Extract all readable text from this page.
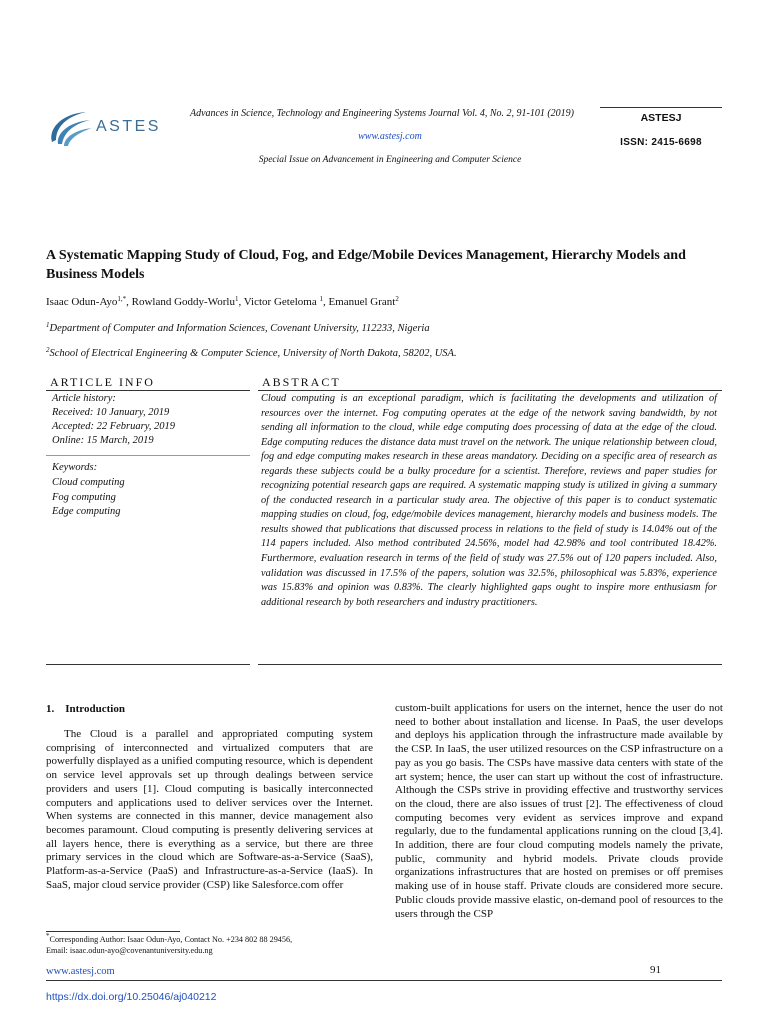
ASTES
Advances in Science, Technology and Engineering Systems Journal Vol. 4, No. 2, 91-101 (2019)
www.astesj.com
Special Issue on Advancement in Engineering and Computer Science
ASTESJ
ISSN: 2415-6698
A Systematic Mapping Study of Cloud, Fog, and Edge/Mobile Devices Management, Hierarchy Models and Business Models
Isaac Odun-Ayo$^{1,*}$, Rowland Goddy-Worlu$^1$, Victor Geteloma $^1$, Emanuel Grant$^2$
$^1$Department of Computer and Information Sciences, Covenant University, 112233, Nigeria
$^2$School of Electrical Engineering & Computer Science, University of North Dakota, 58202, USA.
ARTICLE INFO	ABSTRACT
Article history:
Received: 10 January, 2019
Accepted: 22 February, 2019
Online: 15 March, 2019
Keywords:
Cloud computing
Fog computing
Edge computing
Cloud computing is an exceptional paradigm, which is facilitating the developments and utilization of resources over the internet. Fog computing operates at the edge of the network saving bandwidth, by not sending all information to the cloud, while edge computing does processing of data at the edge of the cloud. Edge computing reduces the distance data must travel on the network. The unique relationship between cloud, fog and edge computing makes research in these areas mandatory. Deciding on a specific area of research as regards these subjects could be a bulky procedure for a scientist. Therefore, reviews and paper studies for recognizing potential research gaps are required. A systematic mapping study is utilized in giving a summary of the conducted research in a particular study area. The objective of this paper is to conduct systematic mapping studies on cloud, fog, edge/mobile devices management, hierarchy models and business models. The results showed that publications that discussed process in relations to the field of study is 14.04% out of the 114 papers included. Also method contributed 24.56%, model had 42.98% and tool contributed 18.42%. Furthermore, evaluation research in terms of the field of study was 27.5% out of 120 papers included. Also, validation was discussed in 17.5% of the papers, solution was 32.5%, philosophical was 5.83%, experience was 15.83% and opinion was 0.83%. The clearly highlighted gaps ought to inspire more enthusiasm for additional research by both researchers and industry practitioners.
1.    Introduction
The Cloud is a parallel and appropriated computing system comprising of interconnected and virtualized computers that are powerfully displayed as a unified computing resource, which is dependent on service level approvals set up through dealings between service providers and users [1]. Cloud computing is basically interconnected computers and applications used to deliver services over the Internet. When systems are connected in this manner, device management also becomes paramount. Cloud computing is presently delivering services at all layers hence, there is everything as a service, but there are three primary services in the cloud which are Software-as-a-Service (SaaS), Platform-as-a-Service (PaaS) and Infrastructure-as-a-Service (IaaS). In SaaS, major cloud service provider (CSP) like Salesforce.com offer
custom-built applications for users on the internet, hence the user do not need to bother about installation and license. In PaaS, the user develops and deploys his application through the infrastructure made available by the CSP. In IaaS, the user utilized resources on the CSP infrastructure on a pay as you go basis. The CSPs have massive data centers with state of the art system; hence, the user can start up without the cost of infrastructure. Although the CSPs strive in providing effective and trustworthy services on the cloud, there are also issues of trust [2]. The effectiveness of cloud computing becomes very evident as services improve and expand regularly, due to the fundamental applications running on the cloud [3,4]. In addition, there are four cloud computing models namely the private, public, community and hybrid models. Private clouds provide organizations infrastructures that are hosted on premises or off premises making use of in house staff. Private clouds are considered more secure. Public clouds provide massive elastic, on-demand pool of resources to the users through the CSP
*Corresponding Author: Isaac Odun-Ayo, Contact No. +234 802 88 29456,
Email: isaac.odun-ayo@covenantuniversity.edu.ng
www.astesj.com	91
https://dx.doi.org/10.25046/aj040212
